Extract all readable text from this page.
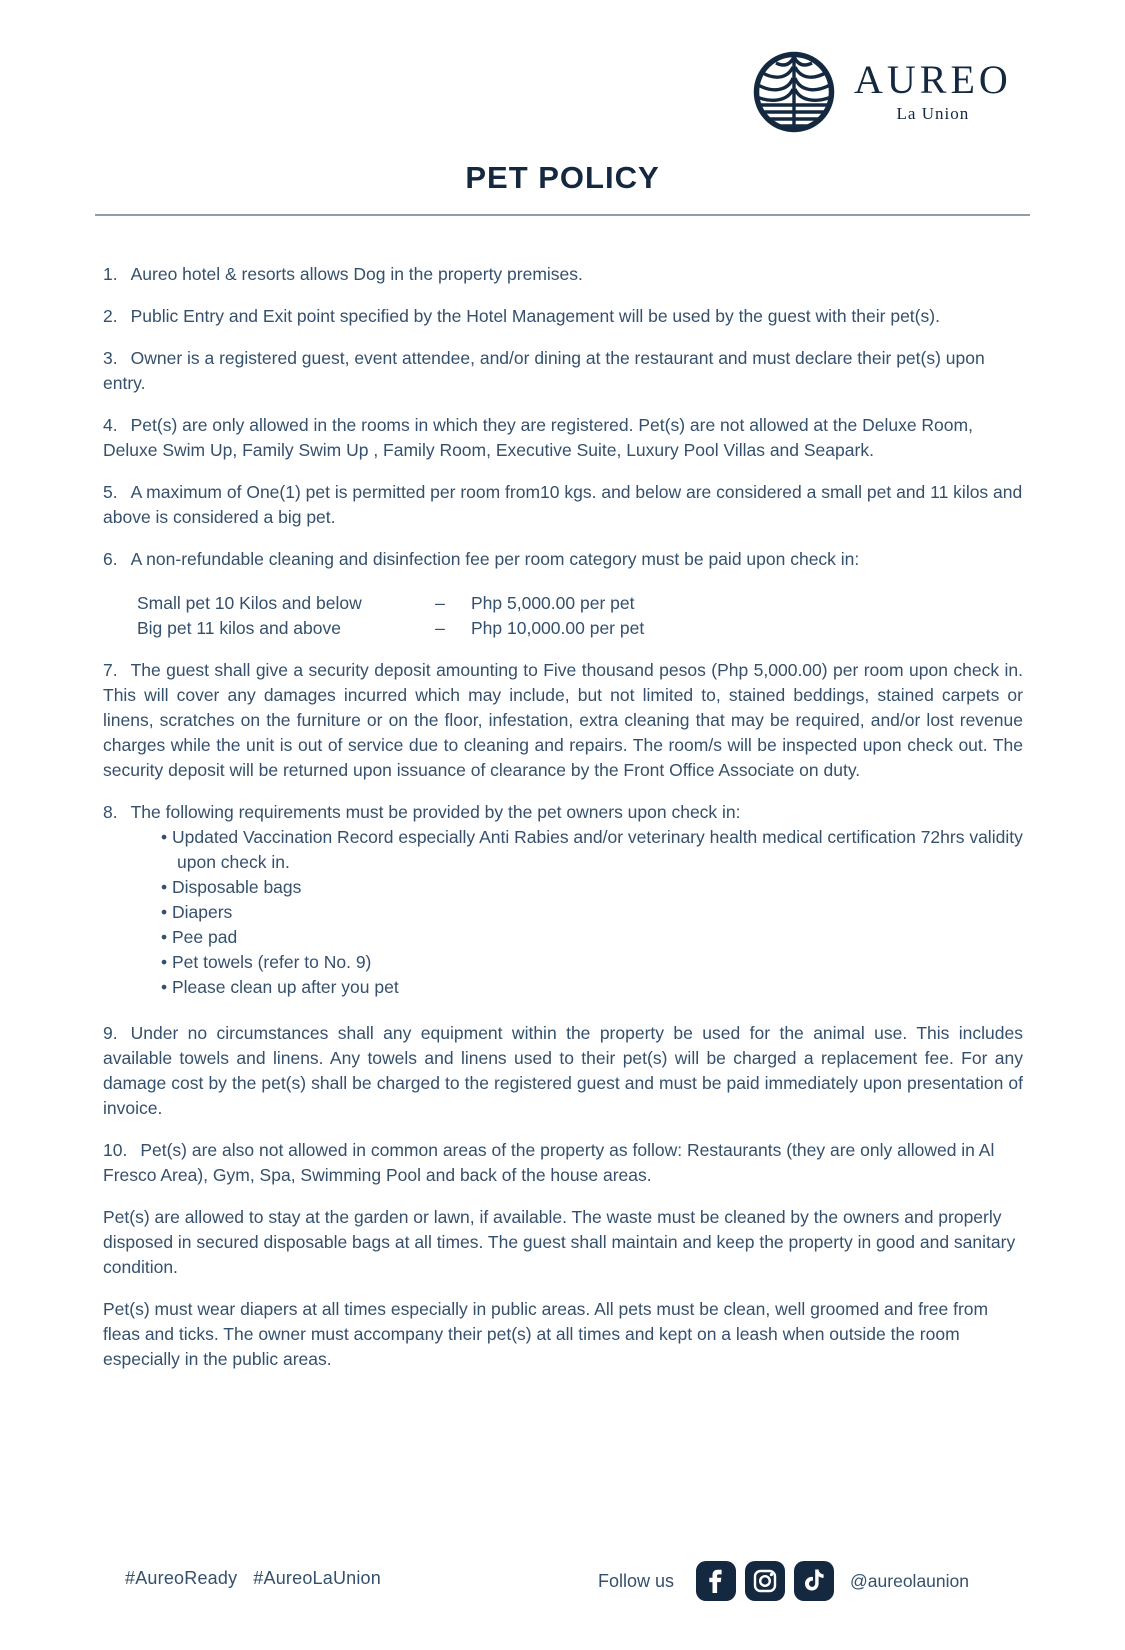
AUREO
La Union
PET POLICY

1. Aureo hotel & resorts allows Dog in the property premises.

2. Public Entry and Exit point specified by the Hotel Management will be used by the guest with their pet(s).

3. Owner is a registered guest, event attendee, and/or dining at the restaurant and must declare their pet(s) upon entry.

4. Pet(s) are only allowed in the rooms in which they are registered. Pet(s) are not allowed at the Deluxe Room, Deluxe Swim Up, Family Swim Up , Family Room, Executive Suite, Luxury Pool Villas and Seapark.

5. A maximum of One(1) pet is permitted per room from10 kgs. and below are considered a small pet and 11 kilos and above is considered a big pet.

6. A non-refundable cleaning and disinfection fee per room category must be paid upon check in:

Small pet 10 Kilos and below	–	Php 5,000.00 per pet
Big pet 11 kilos and above	–	Php 10,000.00 per pet

7. The guest shall give a security deposit amounting to Five thousand pesos (Php 5,000.00) per room upon check in. This will cover any damages incurred which may include, but not limited to, stained beddings, stained carpets or linens, scratches on the furniture or on the floor, infestation, extra cleaning that may be required, and/or lost revenue charges while the unit is out of service due to cleaning and repairs. The room/s will be inspected upon check out. The security deposit will be returned upon issuance of clearance by the Front Office Associate on duty.

8. The following requirements must be provided by the pet owners upon check in:

• Updated Vaccination Record especially Anti Rabies and/or veterinary health medical certification 72hrs validity upon check in.
• Disposable bags
• Diapers
• Pee pad
• Pet towels (refer to No. 9)
• Please clean up after you pet

9. Under no circumstances shall any equipment within the property be used for the animal use. This includes available towels and linens. Any towels and linens used to their pet(s) will be charged a replacement fee. For any damage cost by the pet(s) shall be charged to the registered guest and must be paid immediately upon presentation of invoice.

10. Pet(s) are also not allowed in common areas of the property as follow: Restaurants (they are only allowed in Al Fresco Area), Gym, Spa, Swimming Pool and back of the house areas.

Pet(s) are allowed to stay at the garden or lawn, if available. The waste must be cleaned by the owners and properly disposed in secured disposable bags at all times. The guest shall maintain and keep the property in good and sanitary condition.

Pet(s) must wear diapers at all times especially in public areas. All pets must be clean, well groomed and free from fleas and ticks. The owner must accompany their pet(s) at all times and kept on a leash when outside the room especially in the public areas.

#AureoReady #AureoLaUnion	Follow us	@aureolaunion
